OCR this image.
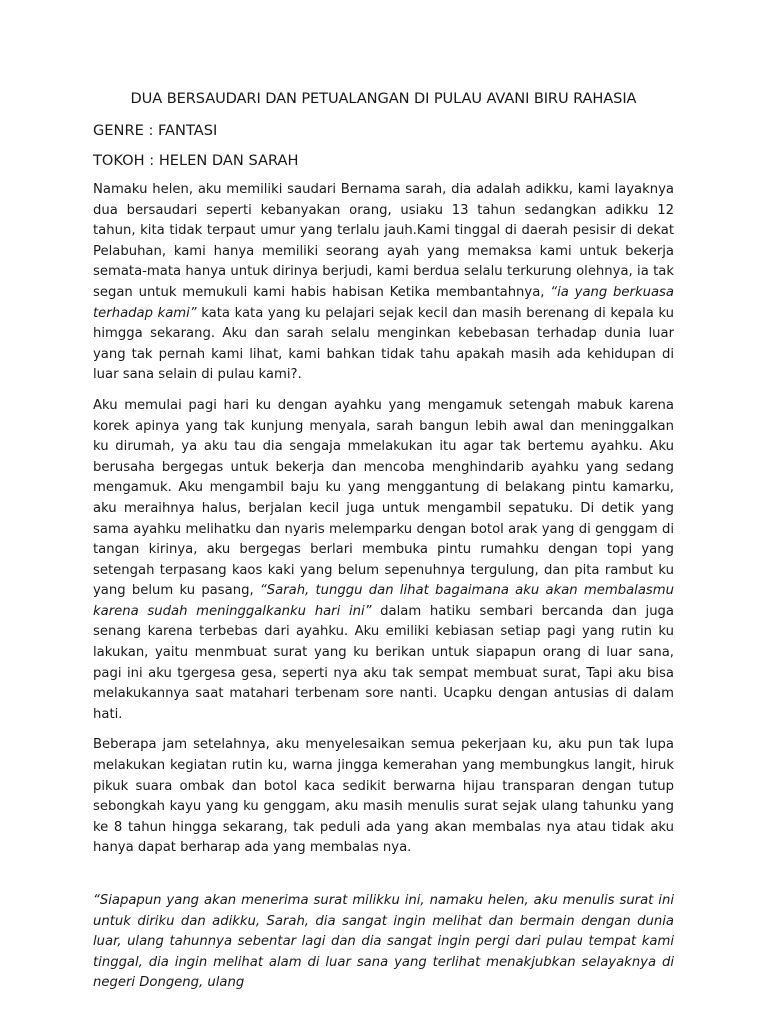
DUA BERSAUDARI DAN PETUALANGAN DI PULAU AVANI BIRU RAHASIA
GENRE : FANTASI
TOKOH : HELEN DAN SARAH

Namaku helen, aku memiliki saudari Bernama sarah, dia adalah adikku, kami layaknya dua bersaudari seperti kebanyakan orang, usiaku 13 tahun sedangkan adikku 12 tahun, kita tidak terpaut umur yang terlalu jauh.Kami tinggal di daerah pesisir di dekat Pelabuhan, kami hanya memiliki seorang ayah yang memaksa kami untuk bekerja semata-mata hanya untuk dirinya berjudi, kami berdua selalu terkurung olehnya, ia tak segan untuk memukuli kami habis habisan Ketika membantahnya, “ia yang berkuasa terhadap kami” kata kata yang ku pelajari sejak kecil dan masih berenang di kepala ku himgga sekarang. Aku dan sarah selalu menginkan kebebasan terhadap dunia luar yang tak pernah kami lihat, kami bahkan tidak tahu apakah masih ada kehidupan di luar sana selain di pulau kami?.

Aku memulai pagi hari ku dengan ayahku yang mengamuk setengah mabuk karena korek apinya yang tak kunjung menyala, sarah bangun lebih awal dan meninggalkan ku dirumah, ya aku tau dia sengaja mmelakukan itu agar tak bertemu ayahku. Aku berusaha bergegas untuk bekerja dan mencoba menghindarib ayahku yang sedang mengamuk. Aku mengambil baju ku yang menggantung di belakang pintu kamarku, aku meraihnya halus, berjalan kecil juga untuk mengambil sepatuku. Di detik yang sama ayahku melihatku dan nyaris melemparku dengan botol arak yang di genggam di tangan kirinya, aku bergegas berlari membuka pintu rumahku dengan topi yang setengah terpasang kaos kaki yang belum sepenuhnya tergulung, dan pita rambut ku yang belum ku pasang, “Sarah, tunggu dan lihat bagaimana aku akan membalasmu karena sudah meninggalkanku hari ini” dalam hatiku sembari bercanda dan juga senang karena terbebas dari ayahku. Aku emiliki kebiasan setiap pagi yang rutin ku lakukan, yaitu menmbuat surat yang ku berikan untuk siapapun orang di luar sana, pagi ini aku tgergesa gesa, seperti nya aku tak sempat membuat surat, Tapi aku bisa melakukannya saat matahari terbenam sore nanti. Ucapku dengan antusias di dalam hati.

Beberapa jam setelahnya, aku menyelesaikan semua pekerjaan ku, aku pun tak lupa melakukan kegiatan rutin ku, warna jingga kemerahan yang membungkus langit, hiruk pikuk suara ombak dan botol kaca sedikit berwarna hijau transparan dengan tutup sebongkah kayu yang ku genggam, aku masih menulis surat sejak ulang tahunku yang ke 8 tahun hingga sekarang, tak peduli ada yang akan membalas nya atau tidak aku hanya dapat berharap ada yang membalas nya.

“Siapapun yang akan menerima surat milikku ini, namaku helen, aku menulis surat ini untuk diriku dan adikku, Sarah, dia sangat ingin melihat dan bermain dengan dunia luar, ulang tahunnya sebentar lagi dan dia sangat ingin pergi dari pulau tempat kami tinggal, dia ingin melihat alam di luar sana yang terlihat menakjubkan selayaknya di negeri Dongeng, ulang
